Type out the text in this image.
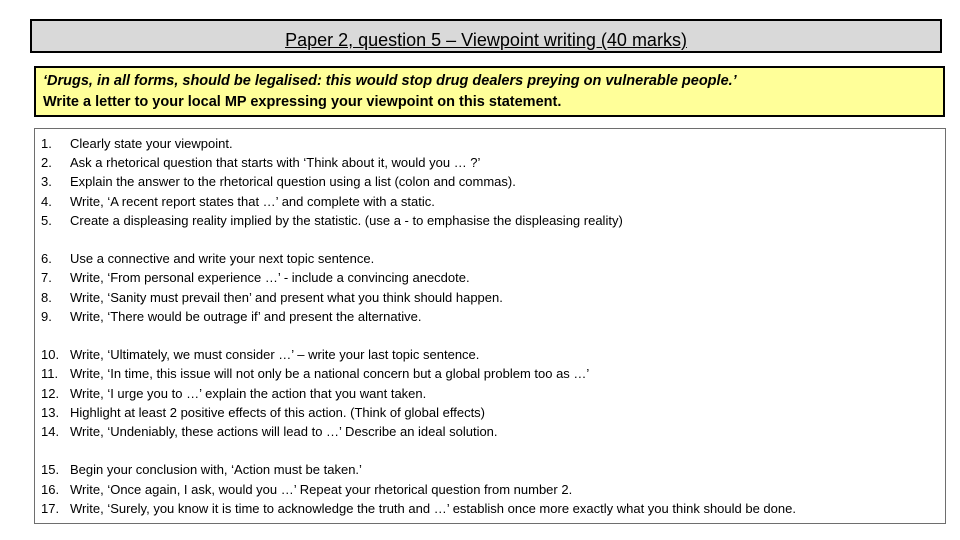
Paper 2, question 5 – Viewpoint writing (40 marks)
‘Drugs, in all forms, should be legalised: this would stop drug dealers preying on vulnerable people.’
Write a letter to your local MP expressing your viewpoint on this statement.
1.	Clearly state your viewpoint.
2.	Ask a rhetorical question that starts with ‘Think about it, would you … ?’
3.	Explain the answer to the rhetorical question using a list (colon and commas).
4.	Write, ‘A recent report states that …’ and complete with a static.
5.	Create a displeasing reality implied by the statistic. (use a - to emphasise the displeasing reality)
6.	Use a connective and write your next topic sentence.
7.	Write, ‘From personal experience …’ - include a convincing anecdote.
8.	Write, ‘Sanity must prevail then’ and present what you think should happen.
9.	Write, ‘There would be outrage if’ and present the alternative.
10. Write, ‘Ultimately, we must consider …’ – write your last topic sentence.
11. Write, ‘In time, this issue will not only be a national concern but a global problem too as …’
12. Write, ‘I urge you to …’ explain the action that you want taken.
13. Highlight at least 2 positive effects of this action. (Think of global effects)
14. Write, ‘Undeniably, these actions will lead to …’ Describe an ideal solution.
15. Begin your conclusion with, ‘Action must be taken.’
16. Write, ‘Once again, I ask, would you …’ Repeat your rhetorical question from number 2.
17. Write, ‘Surely, you know it is time to acknowledge the truth and …’ establish once more exactly what you think should be done.
